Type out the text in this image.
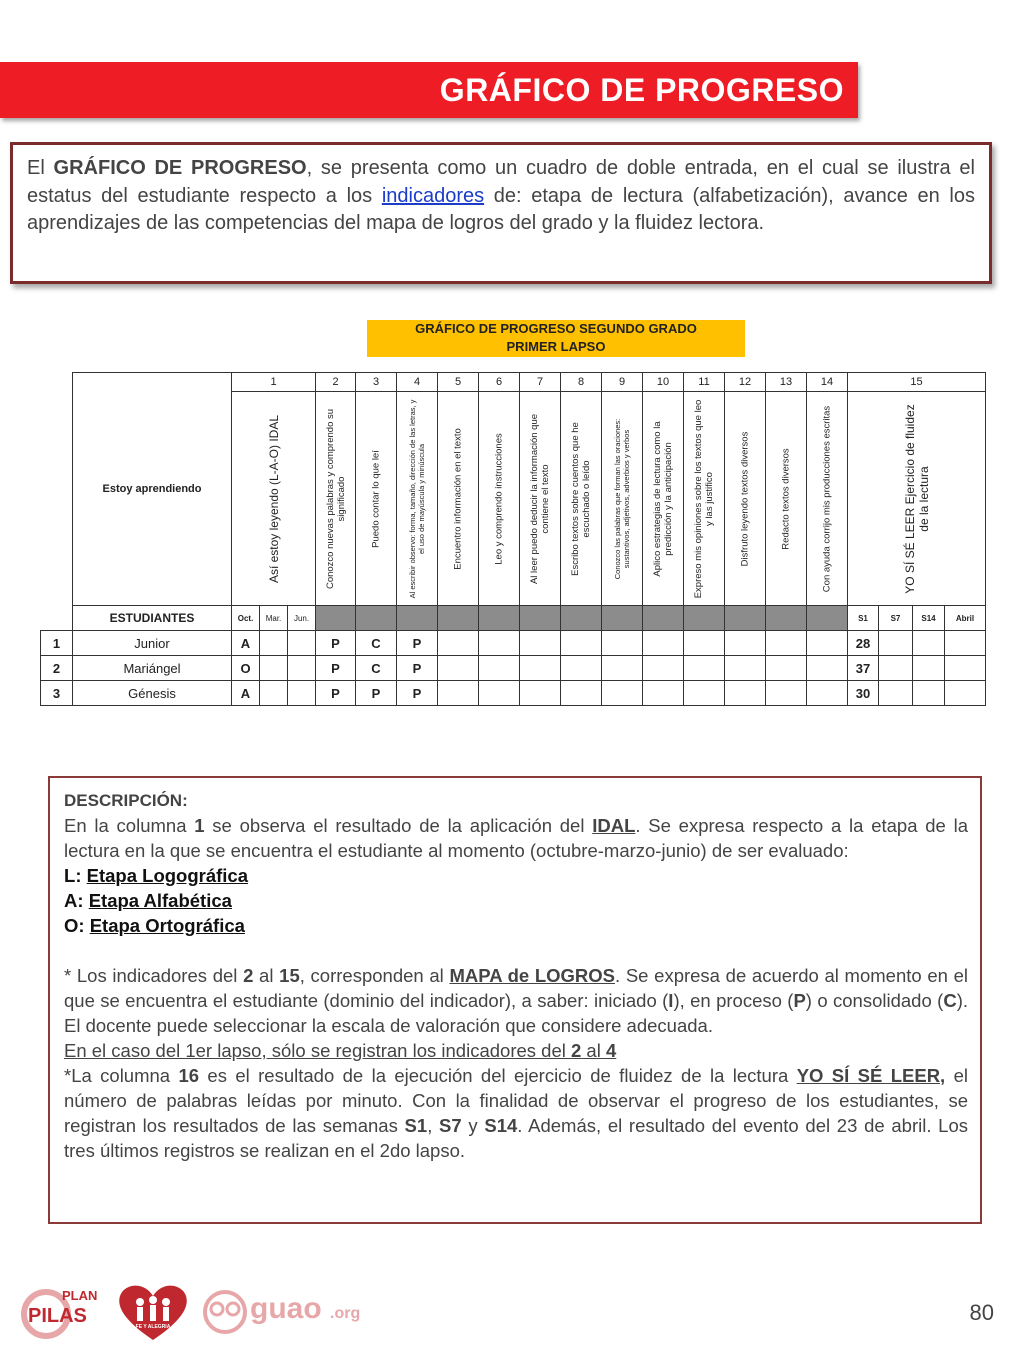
GRÁFICO DE PROGRESO

El GRÁFICO DE PROGRESO, se presenta como un cuadro de doble entrada, en el cual se ilustra el estatus del estudiante respecto a los indicadores de: etapa de lectura (alfabetización), avance en los aprendizajes de las competencias del mapa de logros del grado y la fluidez lectora.

GRÁFICO DE PROGRESO SEGUNDO GRADO
PRIMER LAPSO
	Estoy aprendiendo	1			2	3	4	5	6	7	8	9	10	11	12	13	14	15			

		Así estoy leyendo (L-A-O) IDAL			Conozco nuevas palabras y comprendo su significado	Puedo contar lo que leí	Al escribir observo: forma, tamaño, dirección de las letras, y el uso de mayúscula y minúscula	Encuentro información en el texto	Leo y comprendo instrucciones	Al leer puedo deducir la información que contiene el texto	Escribo textos sobre cuentos que he escuchado o leído	Conozco las palabras que forman las oraciones: sustantivos, adjetivos, adverbios y verbos	Aplico estrategias de lectura como la predicción y la anticipación	Expreso mis opiniones sobre los textos que leo y las justifico	Disfruto leyendo textos diversos	Redacto textos diversos	Con ayuda corrijo mis producciones escritas	YO SÍ SÉ LEER Ejercicio de fluidez de la lectura			

	ESTUDIANTES	Oct.	Mar.	Jun.														S1	S7	S14	Abril
1	Junior	A			P	C	P											28			
2	Mariángel	O			P	C	P											37			
3	Génesis	A			P	P	P											30			
DESCRIPCIÓN:
En la columna 1 se observa el resultado de la aplicación del IDAL. Se expresa respecto a la etapa de la lectura en la que se encuentra el estudiante al momento (octubre-marzo-junio) de ser evaluado:
L: Etapa Logográfica
A: Etapa Alfabética
O: Etapa Ortográfica
* Los indicadores del 2 al 15, corresponden al MAPA de LOGROS. Se expresa de acuerdo al momento en el que se encuentra el estudiante (dominio del indicador), a saber: iniciado (I), en proceso (P) o consolidado (C). El docente puede seleccionar la escala de valoración que considere adecuada.
En el caso del 1er lapso, sólo se registran los indicadores del 2 al 4
*La columna 16 es el resultado de la ejecución del ejercicio de fluidez de la lectura YO SÍ SÉ LEER, el número de palabras leídas por minuto. Con la finalidad de observar el progreso de los estudiantes, se registran los resultados de las semanas S1, S7 y S14. Además, el resultado del evento del 23 de abril. Los tres últimos registros se realizan en el 2do lapso.
PLAN
PILAS	FE Y ALEGRIA
guao .org	80
